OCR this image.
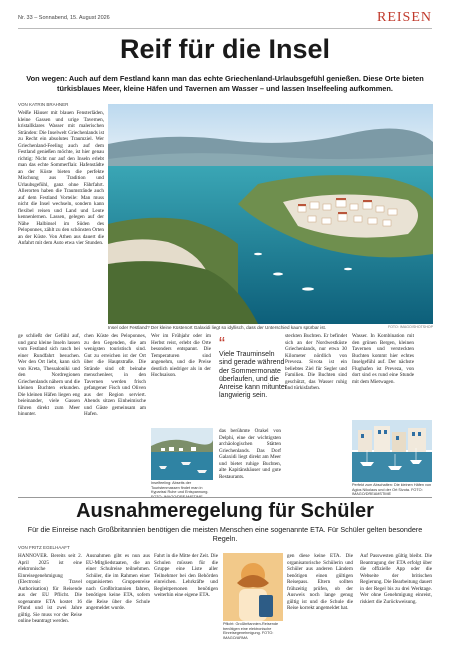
Nr. 33 – Sonnabend, 15. August 2026	REISEN
Reif für die Insel
Von wegen: Auch auf dem Festland kann man das echte Griechenland-Urlaubsgefühl genießen. Diese Orte bieten türkisblaues Meer, kleine Häfen und Tavernen am Wasser – und lassen Inselfeeling aufkommen.
VON KATRIN BRAHNER

Weiße Häuser mit blauen Fensterläden, kleine Gassen und urige Tavernen, kristallklares Wasser mit malerischen Stränden: Die Inselwelt Griechenlands ist zu Recht ein absolutes Traumziel. Wer Griechenland-Feeling auch auf dem Festland genießen möchte, ist hier genau richtig: Nicht nur auf den Inseln erlebt man das echte Sommerflair. Hafenstädte an der Küste bieten die perfekte Mischung aus Tradition und Urlaubsgefühl, ganz ohne Fährfahrt. Allerorten haben die Traumstrände auch auf dem Festland Vorteile: Man muss nicht die Insel wechseln, sondern kann flexibel reisen und Land und Leute kennenlernen. Lassen, gelegen auf der Nähe Halbinsel im Süden des Peloponnes, zählt zu den schönsten Orten an der Küste. Von Athen aus dauert die Anfahrt mit dem Auto etwa vier Stunden.

Insel oder Festland? Der kleine Küstenort Galaxidi liegt so idyllisch, dass der Unterschied kaum spürbar ist.	FOTO: IMAGO/SHOTSHOP

ge schließt der Gefühl auf, und ganz kleine Inseln lassen vom Festland sich rasch bei einer Rundfahrt besuchen. Wer den Ort liebt, kann sich von Kreta, Thessaloniki und den Nordregionen Griechenlands nähern und die kleinen Buchten erkunden. Die kleinen Häfen liegen eng beieinander, viele Gassen führen direkt zum Meer hinunter.

chen Küste des Peloponnes, zu den Gegenden, die am wenigsten touristisch sind. Gut zu erreichen ist der Ort über die Hauptstraße. Die Strände sind oft beinahe menschenleer, in den Tavernen werden frisch gefangener Fisch und Oliven aus der Region serviert. Abends sitzen Einheimische und Gäste gemeinsam am Hafen.

Wer im Frühjahr oder im Herbst reist, erlebt die Orte besonders entspannt. Die Temperaturen sind angenehm, und die Preise deutlich niedriger als in der Hochsaison.

Inselfeeling: Abseits der Touristenmassen findet man in Kyparissi Ruhe und Entspannung. FOTO: IMAGO/DREAMSTIME
“
Viele Trauminseln sind gerade während der Sommermonate überlaufen, und die Anreise kann mitunter langwierig sein.

das berühmte Orakel von Delphi, eine der wichtigsten archäologischen Stätten Griechenlands. Das Dorf Galaxidi liegt direkt am Meer und bietet ruhige Buchten, alte Kapitänshäuser und gute Restaurants.

steckten Buchten. Er befindet sich an der Nordwestküste Griechenlands, nur etwa 30 Kilometer nördlich von Preveza. Sivota ist ein beliebtes Ziel für Segler und Familien. Die Buchten sind geschützt, das Wasser ruhig und türkisfarben.

Wasser. In Kombination mit den grünen Bergen, kleinen Tavernen und versteckten Buchten kommt hier echtes Inselgefühl auf. Der nächste Flughafen ist Preveza, von dort sind es rund eine Stunde mit dem Mietwagen.

Perfekt zum Abschalten: Die kleinen Häfen von Agios Nikolaos und der Ort Sivota. FOTO: IMAGO/DREAMSTIME
Ausnahmeregelung für Schüler
Für die Einreise nach Großbritannien benötigen die meisten Menschen eine sogenannte ETA. Für Schüler gelten besondere Regeln.
VON FRITZ EGELHAAFT

HANNOVER. Bereits seit 2. April 2025 ist eine elektronische Einreisegenehmigung (Electronic Travel Authorisation) für Reisende aus der EU Pflicht. Die sogenannte ETA kostet 16 Pfund und ist zwei Jahre gültig. Sie muss vor der Reise online beantragt werden.

Ausnahmen gibt es nun aus EU-Mitgliedstaaten, die an einer Schulreise teilnehmen. Schüler, die im Rahmen einer organisierten Gruppenreise nach Großbritannien fahren, benötigen keine ETA, sofern die Reise über die Schule angemeldet wurde.

Fahrt in die Mitte der Zeit. Die Schulen müssen für die Gruppe eine Liste aller Teilnehmer bei den Behörden einreichen. Lehrkräfte und Begleitpersonen benötigen weiterhin eine eigene ETA.

Pflicht: Großbritannien-Reisende benötigen eine elektronische Einreisegenehmigung. FOTO: IMAGO/ARMA

gen diese keine ETA. Die organisatorische Schülerin und Schüler aus anderen Ländern benötigen einen gültigen Reisepass. Eltern sollten frühzeitig prüfen, ob der Ausweis noch lange genug gültig ist und die Schule die Reise korrekt angemeldet hat.

Auf Passwesten gültig bleibt. Die Beantragung der ETA erfolgt über die offizielle App oder die Webseite der britischen Regierung. Die Bearbeitung dauert in der Regel bis zu drei Werktage. Wer ohne Genehmigung einreist, riskiert die Zurückweisung.
